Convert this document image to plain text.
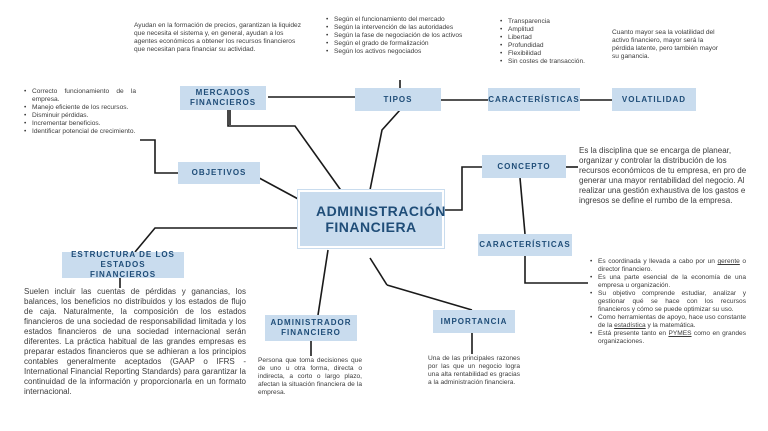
ADMINISTRACIÓN FINANCIERA
MERCADOS FINANCIEROS	TIPOS	CARACTERÍSTICAS	VOLATILIDAD
OBJETIVOS
CONCEPTO
CARACTERÍSTICAS
ESTRUCTURA DE LOS ESTADOS FINANCIEROS
ADMINISTRADOR FINANCIERO
IMPORTANCIA
Ayudan en la formación de precios, garantizan la liquidez que necesita el sistema y, en general, ayudan a los agentes económicos a obtener los recursos financieros que necesitan para financiar su actividad.
• Según el funcionamiento del mercado
• Según la intervención de las autoridades
• Según la fase de negociación de los activos
• Según el grado de formalización
• Según los activos negociados
• Transparencia
• Amplitud
• Libertad
• Profundidad
• Flexibilidad
• Sin costes de transacción.
Cuanto mayor sea la volatilidad del activo financiero, mayor será la pérdida latente, pero también mayor su ganancia.
• Correcto funcionamiento de la empresa.
• Manejo eficiente de los recursos.
• Disminuir pérdidas.
• Incrementar beneficios.
• Identificar potencial de crecimiento.
Es la disciplina que se encarga de planear, organizar y controlar la distribución de los recursos económicos de tu empresa, en pro de generar una mayor rentabilidad del negocio. Al realizar una gestión exhaustiva de los gastos e ingresos se define el rumbo de la empresa.
• Es coordinada y llevada a cabo por un gerente o director financiero.
• Es una parte esencial de la economía de una empresa u organización.
• Su objetivo comprende estudiar, analizar y gestionar qué se hace con los recursos financieros y cómo se puede optimizar su uso.
• Como herramientas de apoyo, hace uso constante de la estadística y la matemática.
• Está presente tanto en PYMES como en grandes organizaciones.
Suelen incluir las cuentas de pérdidas y ganancias, los balances, los beneficios no distribuidos y los estados de flujo de caja. Naturalmente, la composición de los estados financieros de una sociedad de responsabilidad limitada y los estados financieros de una sociedad internacional serán diferentes. La práctica habitual de las grandes empresas es preparar estados financieros que se adhieran a los principios contables generalmente aceptados (GAAP o IFRS - International Financial Reporting Standards) para garantizar la continuidad de la información y proporcionarla en un formato internacional.
Persona que toma decisiones que de uno u otra forma, directa o indirecta, a corto o largo plazo, afectan la situación financiera de la empresa.
Una de las principales razones por las que un negocio logra una alta rentabilidad es gracias a la administración financiera.
